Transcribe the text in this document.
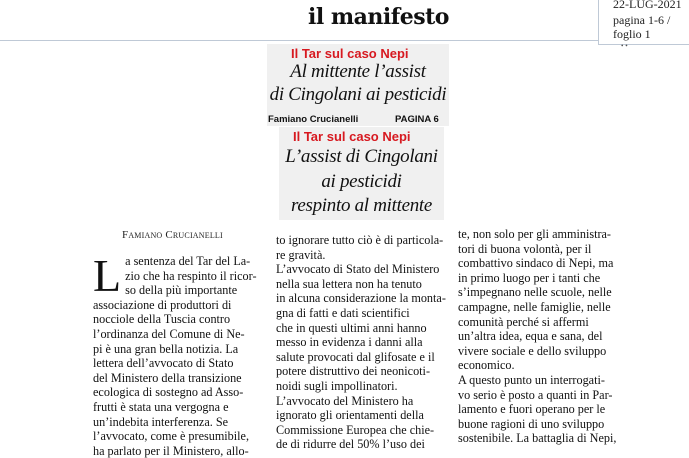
il manifesto	22-LUG-2021
pagina 1-6 /
foglio 1
• •
Il Tar sul caso Nepi
Al mittente l’assist
di Cingolani ai pesticidi
Famiano Crucianelli	PAGINA 6
Il Tar sul caso Nepi
L’assist di Cingolani
ai pesticidi
respinto al mittente
Famiano Crucianelli
L a sentenza del Tar del La-
zio che ha respinto il ricor-
so della più importante
associazione di produttori di
nocciole della Tuscia contro
l’ordinanza del Comune di Ne-
pi è una gran bella notizia. La
lettera dell’avvocato di Stato
del Ministero della transizione
ecologica di sostegno ad Asso-
frutti è stata una vergogna e
un’indebita interferenza. Se
l’avvocato, come è presumibile,
ha parlato per il Ministero, allo-
to ignorare tutto ciò è di particola-
re gravità.
L’avvocato di Stato del Ministero
nella sua lettera non ha tenuto
in alcuna considerazione la monta-
gna di fatti e dati scientifici
che in questi ultimi anni hanno
messo in evidenza i danni alla
salute provocati dal glifosate e il
potere distruttivo dei neonicoti-
noidi sugli impollinatori.
L’avvocato del Ministero ha
ignorato gli orientamenti della
Commissione Europea che chie-
de di ridurre del 50% l’uso dei
te, non solo per gli amministra-
tori di buona volontà, per il
combattivo sindaco di Nepi, ma
in primo luogo per i tanti che
s’impegnano nelle scuole, nelle
campagne, nelle famiglie, nelle
comunità perché si affermi
un’altra idea, equa e sana, del
vivere sociale e dello sviluppo
economico.
A questo punto un interrogati-
vo serio è posto a quanti in Par-
lamento e fuori operano per le
buone ragioni di uno sviluppo
sostenibile. La battaglia di Nepi,
